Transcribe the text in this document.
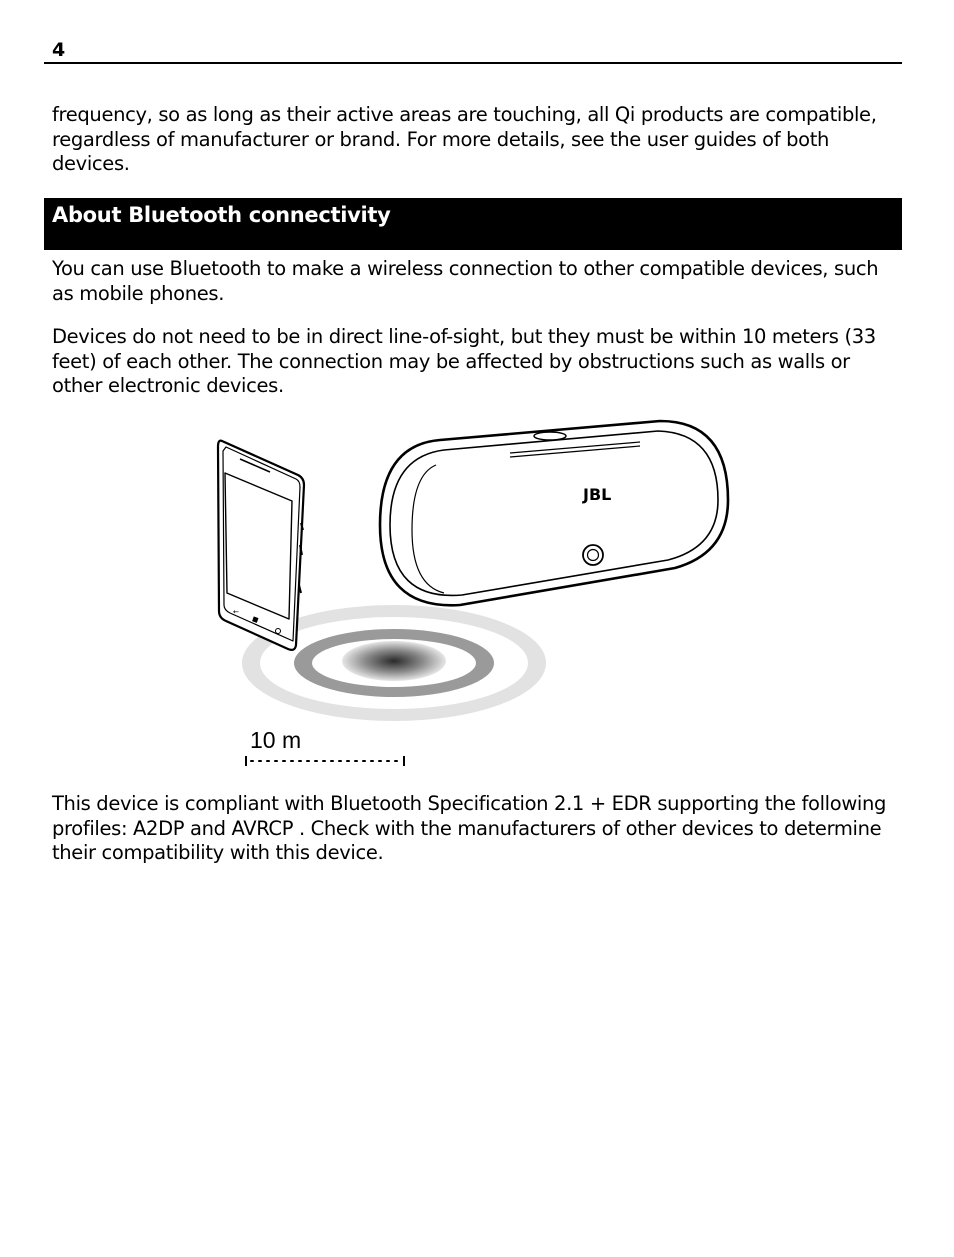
4

frequency, so as long as their active areas are touching, all Qi products are compatible, regardless of manufacturer or brand. For more details, see the user guides of both devices.

About Bluetooth connectivity

You can use Bluetooth to make a wireless connection to other compatible devices, such as mobile phones.

Devices do not need to be in direct line-of-sight, but they must be within 10 meters (33 feet) of each other. The connection may be affected by obstructions such as walls or other electronic devices.

←
JBL
10 m

This device is compliant with Bluetooth Specification 2.1 + EDR supporting the following profiles: A2DP and AVRCP . Check with the manufacturers of other devices to determine their compatibility with this device.
